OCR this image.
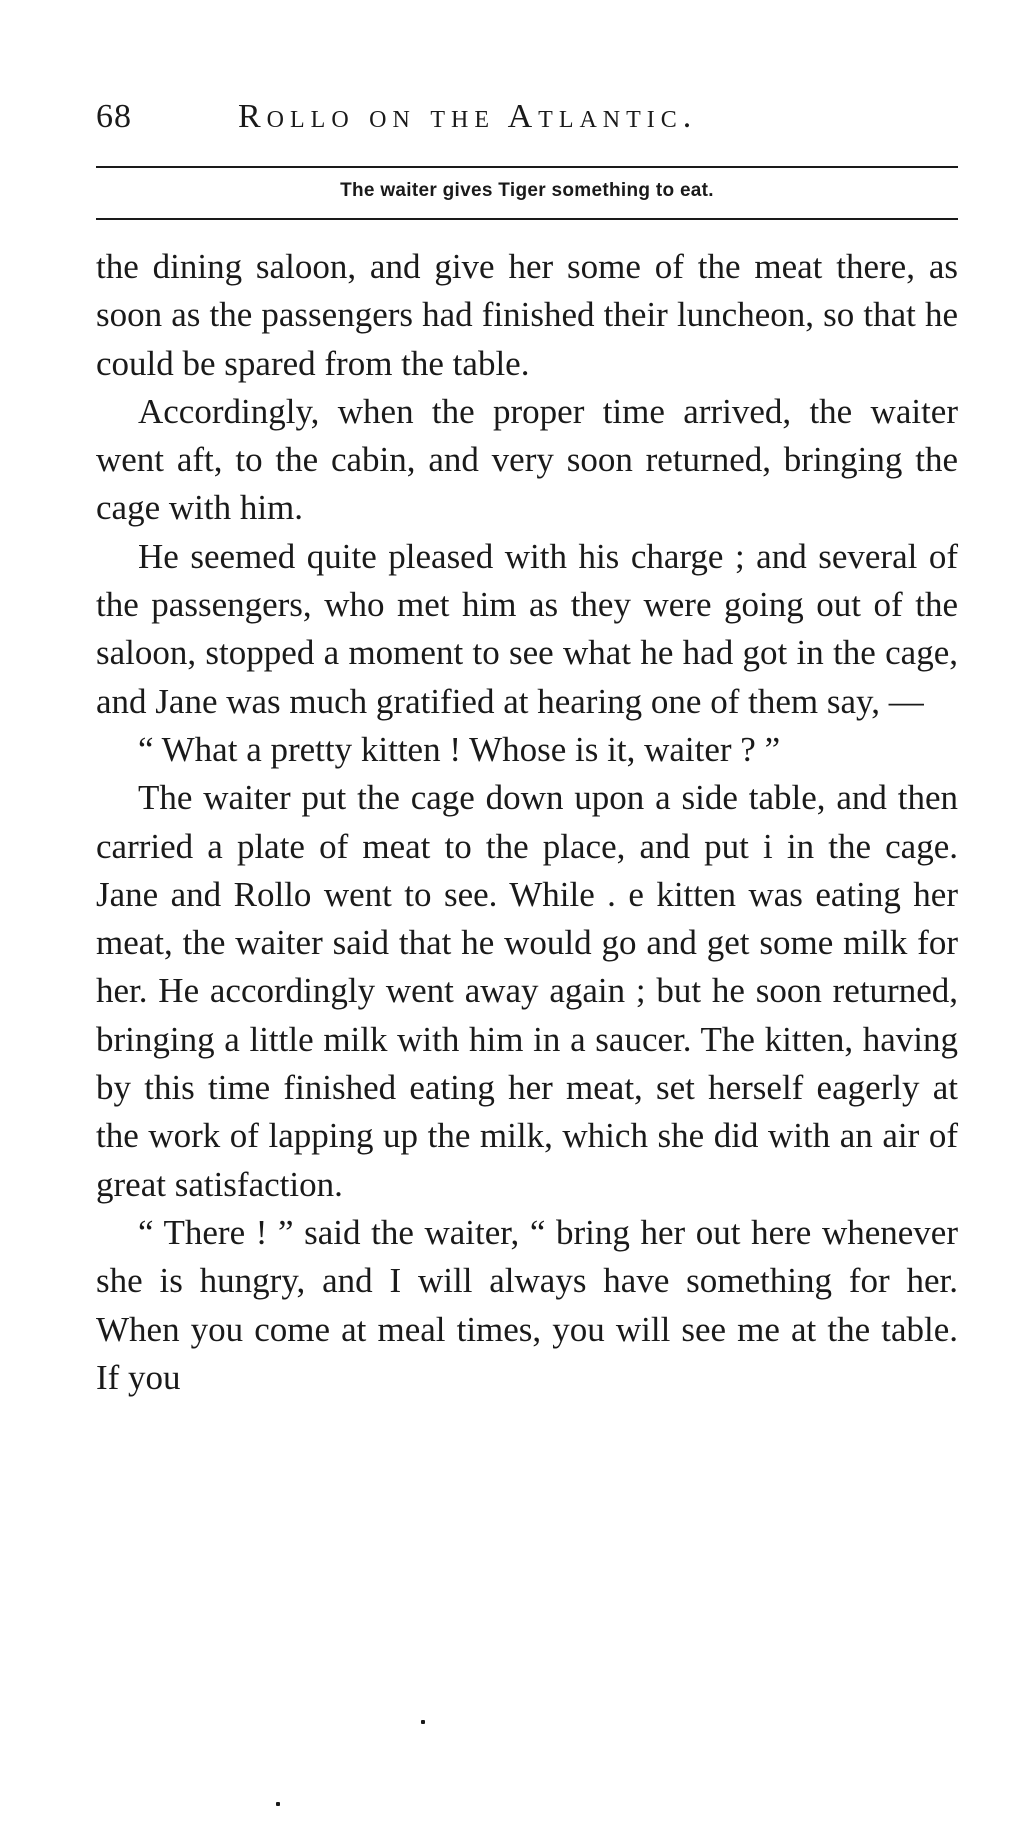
68	Rollo on the Atlantic.
The waiter gives Tiger something to eat.

the dining saloon, and give her some of the meat there, as soon as the passengers had finished their luncheon, so that he could be spared from the table.

Accordingly, when the proper time arrived, the waiter went aft, to the cabin, and very soon returned, bringing the cage with him.

He seemed quite pleased with his charge ; and several of the passengers, who met him as they were going out of the saloon, stopped a moment to see what he had got in the cage, and Jane was much gratified at hearing one of them say, —

“ What a pretty kitten ! Whose is it, waiter ? ”

The waiter put the cage down upon a side table, and then carried a plate of meat to the place, and put i in the cage. Jane and Rollo went to see. While . e kitten was eating her meat, the waiter said that he would go and get some milk for her. He accordingly went away again ; but he soon returned, bringing a little milk with him in a saucer. The kitten, having by this time finished eating her meat, set herself eagerly at the work of lapping up the milk, which she did with an air of great satisfaction.

“ There ! ” said the waiter, “ bring her out here whenever she is hungry, and I will always have something for her. When you come at meal times, you will see me at the table. If you
